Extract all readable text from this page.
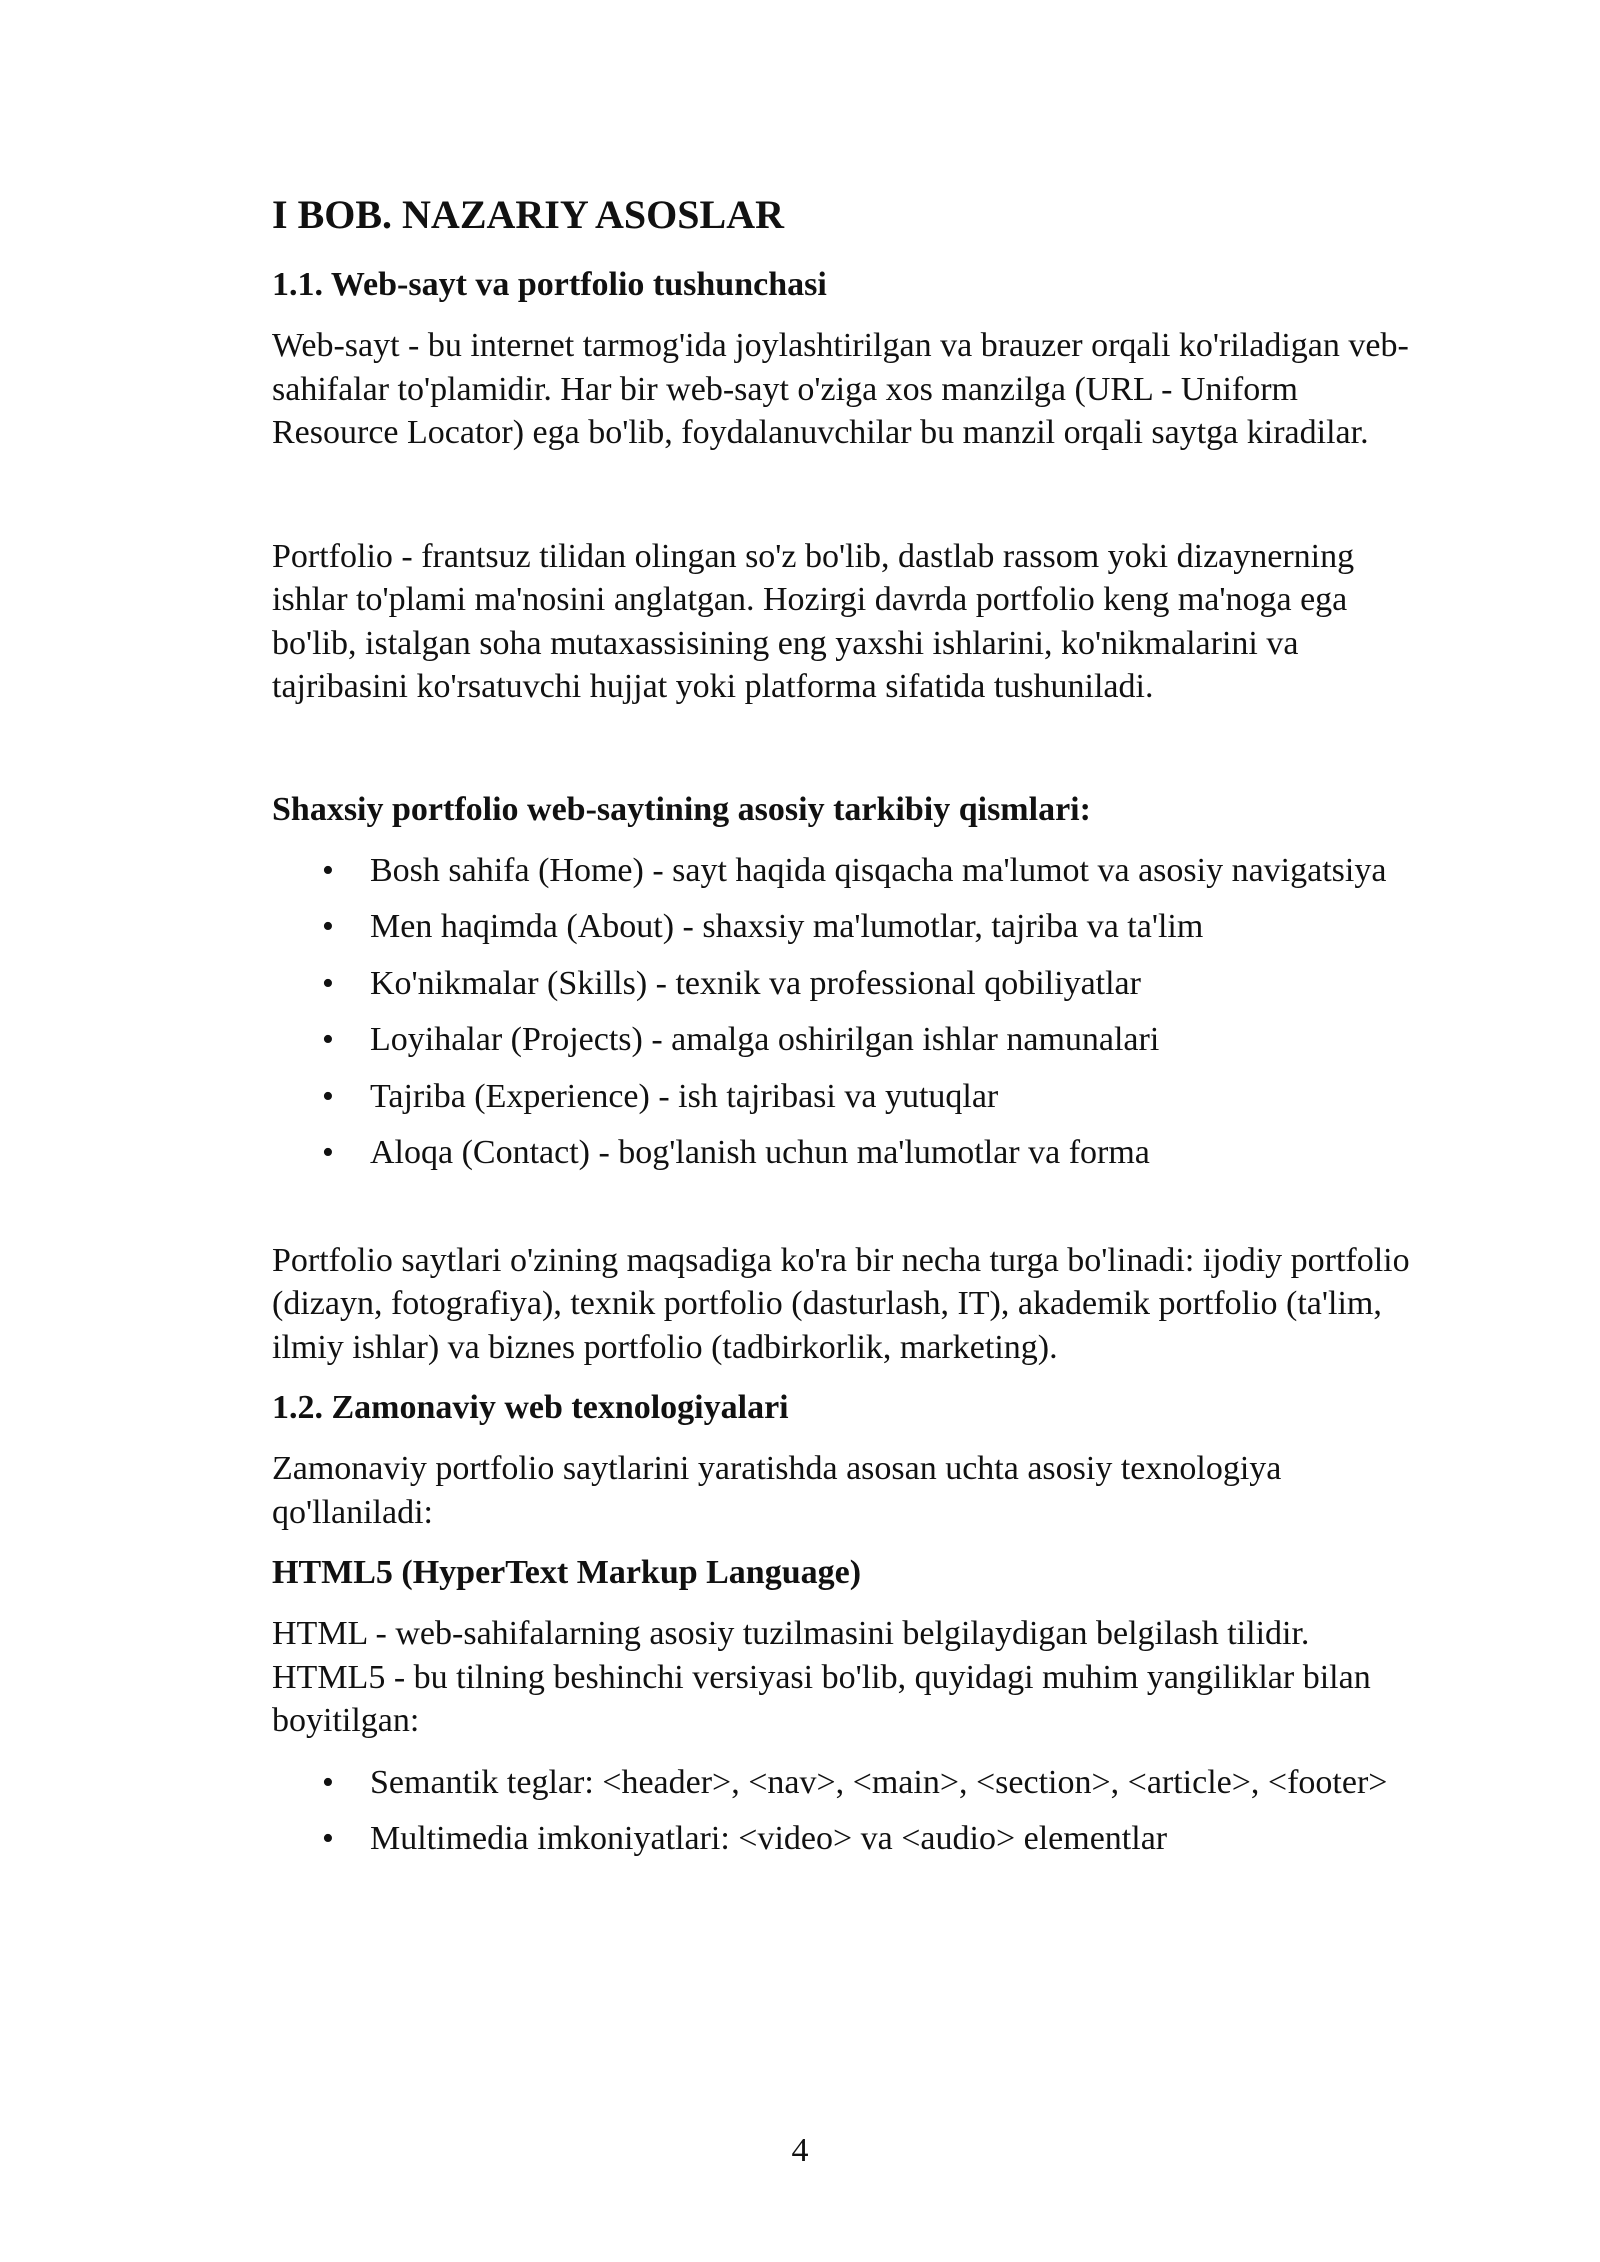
I BOB. NAZARIY ASOSLAR
1.1. Web-sayt va portfolio tushunchasi

Web-sayt - bu internet tarmog'ida joylashtirilgan va brauzer orqali ko'riladigan veb-sahifalar to'plamidir. Har bir web-sayt o'ziga xos manzilga (URL - Uniform Resource Locator) ega bo'lib, foydalanuvchilar bu manzil orqali saytga kiradilar.

Portfolio - frantsuz tilidan olingan so'z bo'lib, dastlab rassom yoki dizaynerning ishlar to'plami ma'nosini anglatgan. Hozirgi davrda portfolio keng ma'noga ega bo'lib, istalgan soha mutaxassisining eng yaxshi ishlarini, ko'nikmalarini va tajribasini ko'rsatuvchi hujjat yoki platforma sifatida tushuniladi.

Shaxsiy portfolio web-saytining asosiy tarkibiy qismlari:
• Bosh sahifa (Home) - sayt haqida qisqacha ma'lumot va asosiy navigatsiya
• Men haqimda (About) - shaxsiy ma'lumotlar, tajriba va ta'lim
• Ko'nikmalar (Skills) - texnik va professional qobiliyatlar
• Loyihalar (Projects) - amalga oshirilgan ishlar namunalari
• Tajriba (Experience) - ish tajribasi va yutuqlar
• Aloqa (Contact) - bog'lanish uchun ma'lumotlar va forma

Portfolio saytlari o'zining maqsadiga ko'ra bir necha turga bo'linadi: ijodiy portfolio (dizayn, fotografiya), texnik portfolio (dasturlash, IT), akademik portfolio (ta'lim, ilmiy ishlar) va biznes portfolio (tadbirkorlik, marketing).

1.2. Zamonaviy web texnologiyalari

Zamonaviy portfolio saytlarini yaratishda asosan uchta asosiy texnologiya qo'llaniladi:

HTML5 (HyperText Markup Language)

HTML - web-sahifalarning asosiy tuzilmasini belgilaydigan belgilash tilidir. HTML5 - bu tilning beshinchi versiyasi bo'lib, quyidagi muhim yangiliklar bilan boyitilgan:

• Semantik teglar: <header>, <nav>, <main>, <section>, <article>, <footer>
• Multimedia imkoniyatlari: <video> va <audio> elementlar
4
